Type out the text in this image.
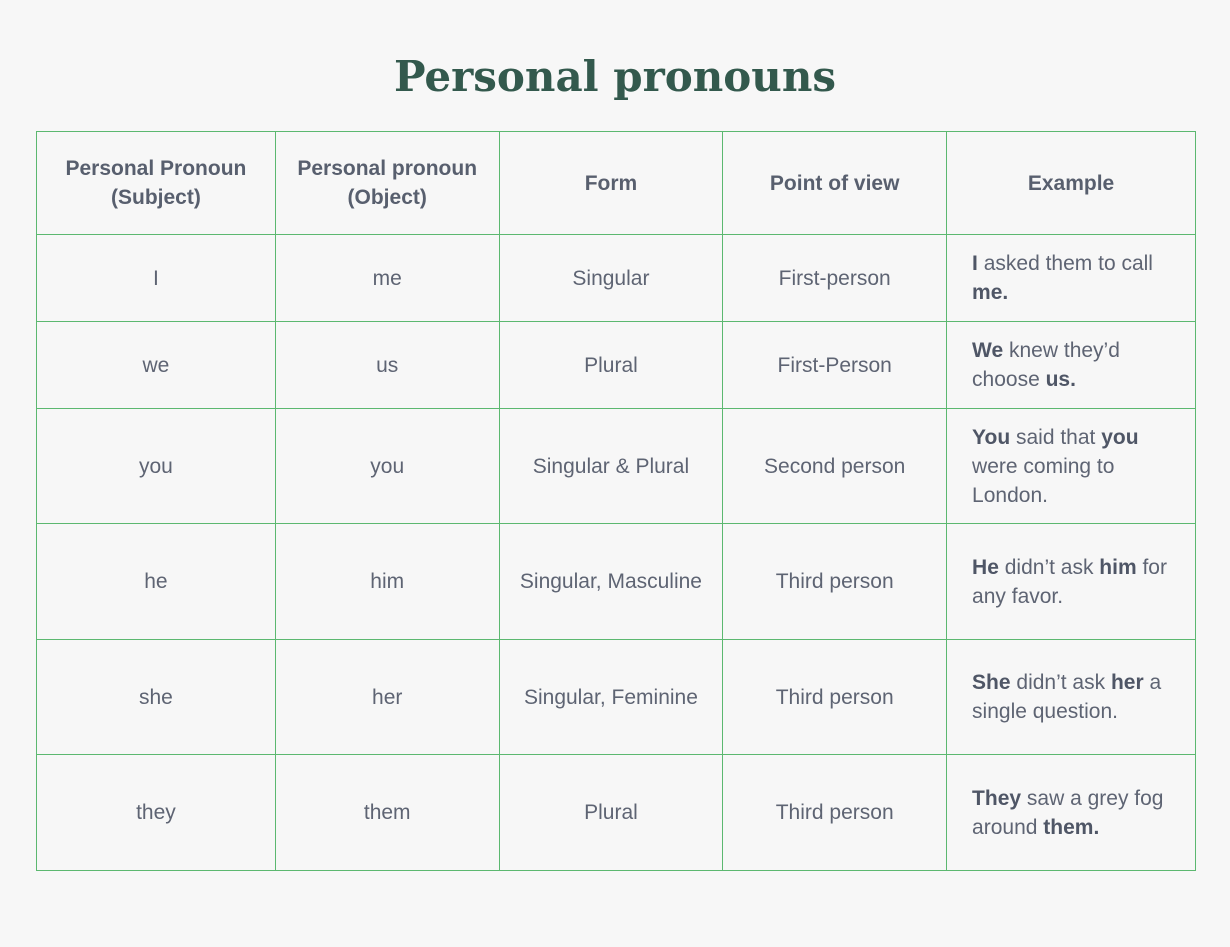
Personal pronouns
Personal Pronoun (Subject)	Personal pronoun (Object)	Form	Point of view	Example
I	me	Singular	First-person	I asked them to call me.
we	us	Plural	First-Person	We knew they’d choose us.
you	you	Singular & Plural	Second person	You said that you were coming to London.
he	him	Singular, Masculine	Third person	He didn’t ask him for any favor.
she	her	Singular, Feminine	Third person	She didn’t ask her a single question.
they	them	Plural	Third person	They saw a grey fog around them.
